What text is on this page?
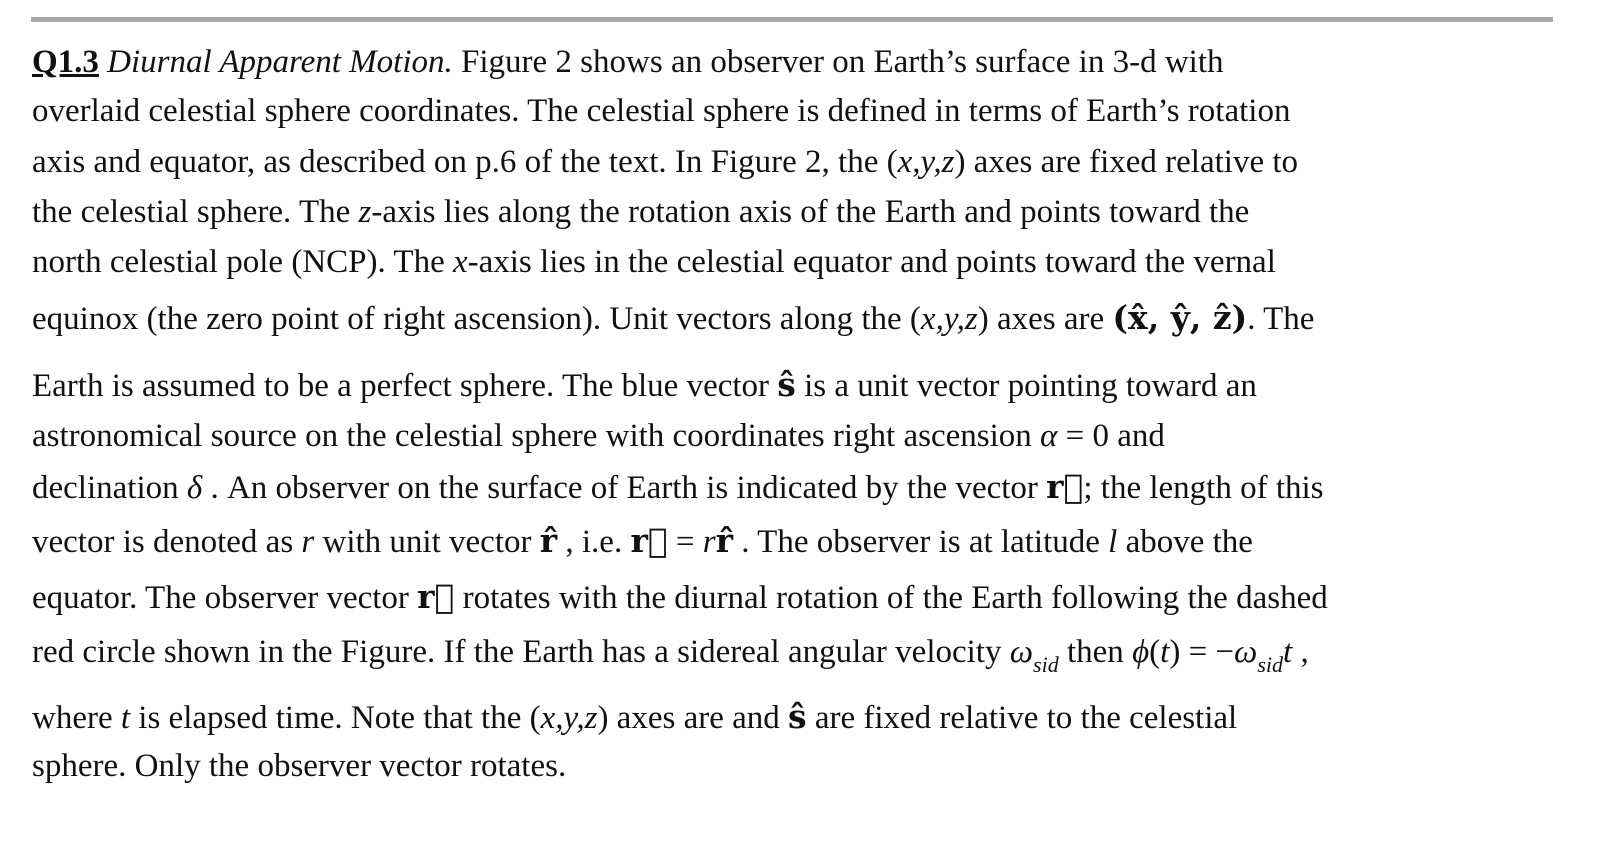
Q1.3 Diurnal Apparent Motion. Figure 2 shows an observer on Earth’s surface in 3-d with
overlaid celestial sphere coordinates. The celestial sphere is defined in terms of Earth’s rotation
axis and equator, as described on p.6 of the text. In Figure 2, the (x,y,z) axes are fixed relative to
the celestial sphere. The z-axis lies along the rotation axis of the Earth and points toward the
north celestial pole (NCP). The x-axis lies in the celestial equator and points toward the vernal
equinox (the zero point of right ascension). Unit vectors along the (x,y,z) axes are (x̂, ŷ, ẑ). The
Earth is assumed to be a perfect sphere. The blue vector ŝ is a unit vector pointing toward an
astronomical source on the celestial sphere with coordinates right ascension α = 0 and
declination δ . An observer on the surface of Earth is indicated by the vector r⃗; the length of this
vector is denoted as r with unit vector r̂ , i.e. r⃗ = rr̂ . The observer is at latitude l above the
equator. The observer vector r⃗ rotates with the diurnal rotation of the Earth following the dashed
red circle shown in the Figure. If the Earth has a sidereal angular velocity $\omega_{sid}$ then $\phi(t) = -\omega_{sid}t$ ,
where t is elapsed time. Note that the (x,y,z) axes are and ŝ are fixed relative to the celestial
sphere. Only the observer vector rotates.
